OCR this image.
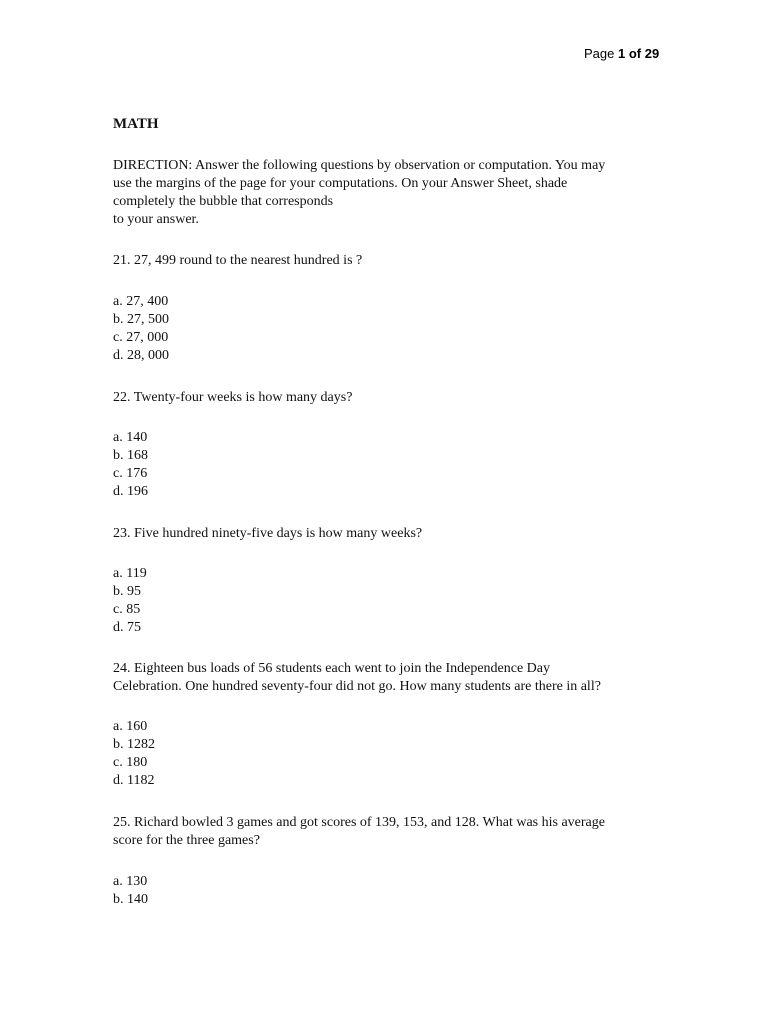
Page 1 of 29
MATH
DIRECTION: Answer the following questions by observation or computation. You may
use the margins of the page for your computations. On your Answer Sheet, shade
completely the bubble that corresponds
to your answer.
21. 27, 499 round to the nearest hundred is ?
a. 27, 400
b. 27, 500
c. 27, 000
d. 28, 000
22. Twenty-four weeks is how many days?
a. 140
b. 168
c. 176
d. 196
23. Five hundred ninety-five days is how many weeks?
a. 119
b. 95
c. 85
d. 75
24. Eighteen bus loads of 56 students each went to join the Independence Day
Celebration. One hundred seventy-four did not go. How many students are there in all?
a. 160
b. 1282
c. 180
d. 1182
25. Richard bowled 3 games and got scores of 139, 153, and 128. What was his average
score for the three games?
a. 130
b. 140
